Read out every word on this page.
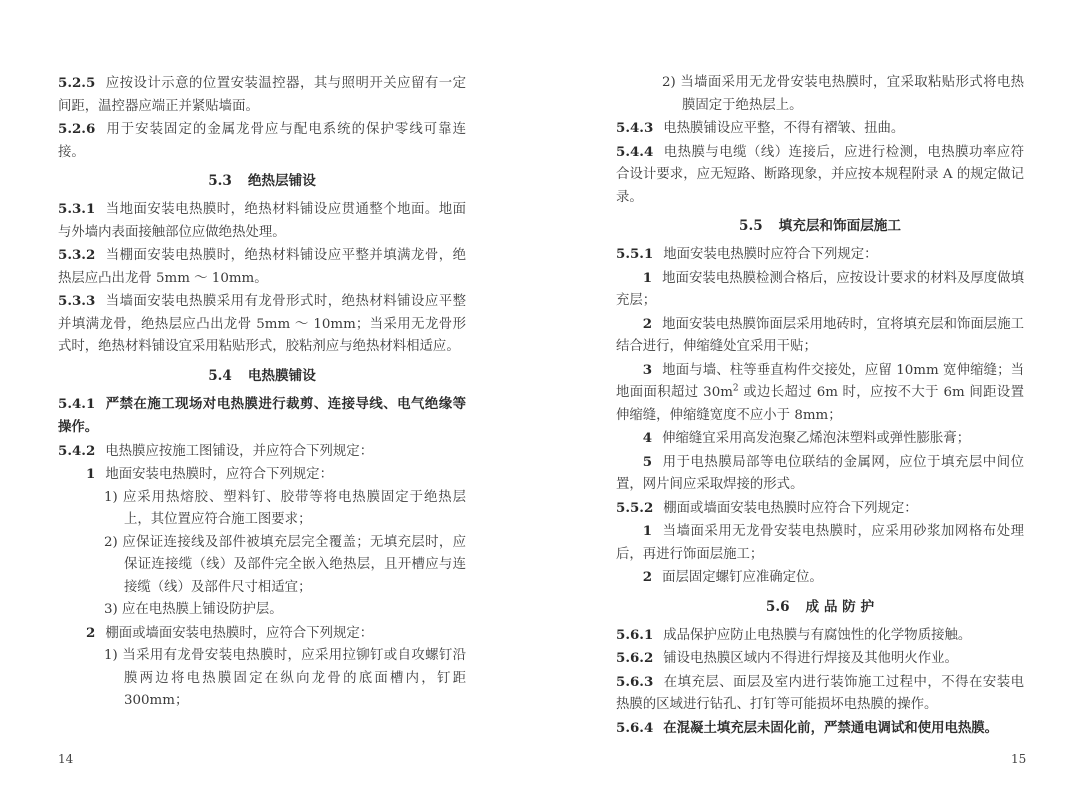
5.2.5 应按设计示意的位置安装温控器，其与照明开关应留有一定间距，温控器应端正并紧贴墙面。

5.2.6 用于安装固定的金属龙骨应与配电系统的保护零线可靠连接。

5.3 绝热层铺设

5.3.1 当地面安装电热膜时，绝热材料铺设应贯通整个地面。地面与外墙内表面接触部位应做绝热处理。

5.3.2 当棚面安装电热膜时，绝热材料铺设应平整并填满龙骨，绝热层应凸出龙骨 5mm ～ 10mm。

5.3.3 当墙面安装电热膜采用有龙骨形式时，绝热材料铺设应平整并填满龙骨，绝热层应凸出龙骨 5mm ～ 10mm；当采用无龙骨形式时，绝热材料铺设宜采用粘贴形式，胶粘剂应与绝热材料相适应。

5.4 电热膜铺设

5.4.1 严禁在施工现场对电热膜进行裁剪、连接导线、电气绝缘等操作。

5.4.2 电热膜应按施工图铺设，并应符合下列规定：

1 地面安装电热膜时，应符合下列规定：

1) 应采用热熔胶、塑料钉、胶带等将电热膜固定于绝热层上，其位置应符合施工图要求；

2) 应保证连接线及部件被填充层完全覆盖；无填充层时，应保证连接缆（线）及部件完全嵌入绝热层，且开槽应与连接缆（线）及部件尺寸相适宜；

3) 应在电热膜上铺设防护层。

2 棚面或墙面安装电热膜时，应符合下列规定：

1) 当采用有龙骨安装电热膜时，应采用拉铆钉或自攻螺钉沿膜两边将电热膜固定在纵向龙骨的底面槽内，钉距 300mm；

2) 当墙面采用无龙骨安装电热膜时，宜采取粘贴形式将电热膜固定于绝热层上。

5.4.3 电热膜铺设应平整，不得有褶皱、扭曲。

5.4.4 电热膜与电缆（线）连接后，应进行检测，电热膜功率应符合设计要求，应无短路、断路现象，并应按本规程附录 A 的规定做记录。

5.5 填充层和饰面层施工

5.5.1 地面安装电热膜时应符合下列规定：

1 地面安装电热膜检测合格后，应按设计要求的材料及厚度做填充层；

2 地面安装电热膜饰面层采用地砖时，宜将填充层和饰面层施工结合进行，伸缩缝处宜采用干贴；

3 地面与墙、柱等垂直构件交接处，应留 10mm 宽伸缩缝；当地面面积超过 $30m^2$ 或边长超过 6m 时，应按不大于 6m 间距设置伸缩缝，伸缩缝宽度不应小于 8mm；

4 伸缩缝宜采用高发泡聚乙烯泡沫塑料或弹性膨胀膏；

5 用于电热膜局部等电位联结的金属网，应位于填充层中间位置，网片间应采取焊接的形式。

5.5.2 棚面或墙面安装电热膜时应符合下列规定：

1 当墙面采用无龙骨安装电热膜时，应采用砂浆加网格布处理后，再进行饰面层施工；

2 面层固定螺钉应准确定位。

5.6 成 品 防 护

5.6.1 成品保护应防止电热膜与有腐蚀性的化学物质接触。

5.6.2 铺设电热膜区域内不得进行焊接及其他明火作业。

5.6.3 在填充层、面层及室内进行装饰施工过程中，不得在安装电热膜的区域进行钻孔、打钉等可能损坏电热膜的操作。

5.6.4 在混凝土填充层未固化前，严禁通电调试和使用电热膜。

14	15
